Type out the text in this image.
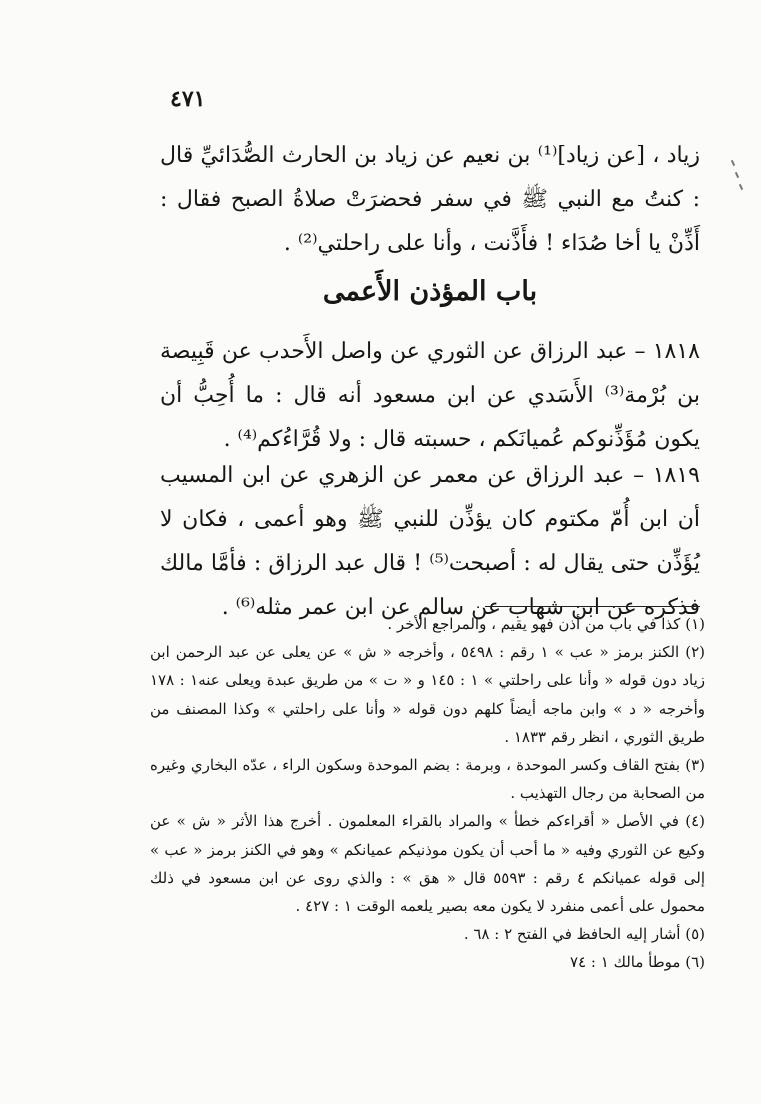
٤٧١
زياد ، [عن زياد]⁽¹⁾ بن نعيم عن زياد بن الحارث الصُّدَائيِّ قال : كنتُ مع النبي ﷺ في سفر فحضرَتْ صلاةُ الصبح فقال : أَذِّنْ يا أخا صُدَاء ! فأَذَّنت ، وأنا على راحلتي⁽²⁾ .
باب المؤذن الأَعمى
١٨١٨ – عبد الرزاق عن الثوري عن واصل الأَحدب عن قَبِيصة بن بُرْمة⁽³⁾ الأَسَدي عن ابن مسعود أنه قال : ما أُحِبُّ أن يكون مُؤَذِّنوكم عُميانَكم ، حسبته قال : ولا قُرَّاءُكم⁽⁴⁾ .
١٨١٩ – عبد الرزاق عن معمر عن الزهري عن ابن المسيب أن ابن أُمّ مكتوم كان يؤذِّن للنبي ﷺ وهو أعمى ، فكان لا يُؤَذِّن حتى يقال له : أصبحت⁽⁵⁾ ! قال عبد الرزاق : فأمَّا مالك فذكره عن ابن شهاب عن سالم عن ابن عمر مثله⁽⁶⁾ .
(١) كذا في باب من أذن فهو يقيم ، والمراجع الأخر .
(٢) الكنز برمز « عب » ١ رقم : ٥٤٩٨ ، وأخرجه « ش » عن يعلى عن عبد الرحمن ابن زياد دون قوله « وأنا على راحلتي » ١ : ١٤٥ و « ت » من طريق عبدة ويعلى عنه١ : ١٧٨ وأخرجه « د » وابن ماجه أيضاً كلهم دون قوله « وأنا على راحلتي » وكذا المصنف من طريق الثوري ، انظر رقم ١٨٣٣ .
(٣) بفتح القاف وكسر الموحدة ، وبرمة : بضم الموحدة وسكون الراء ، عدّه البخاري وغيره من الصحابة من رجال التهذيب .
(٤) في الأصل « أقراءكم خطأ » والمراد بالقراء المعلمون . أخرج هذا الأثر « ش » عن وكيع عن الثوري وفيه « ما أحب أن يكون موذنيكم عميانكم » وهو في الكنز برمز « عب » إلى قوله عميانكم ٤ رقم : ٥٥٩٣ قال « هق » : والذي روى عن ابن مسعود في ذلك محمول على أعمى منفرد لا يكون معه بصير يلعمه الوقت ١ : ٤٢٧ .
(٥) أشار إليه الحافظ في الفتح ٢ : ٦٨ .
(٦) موطأ مالك ١ : ٧٤
